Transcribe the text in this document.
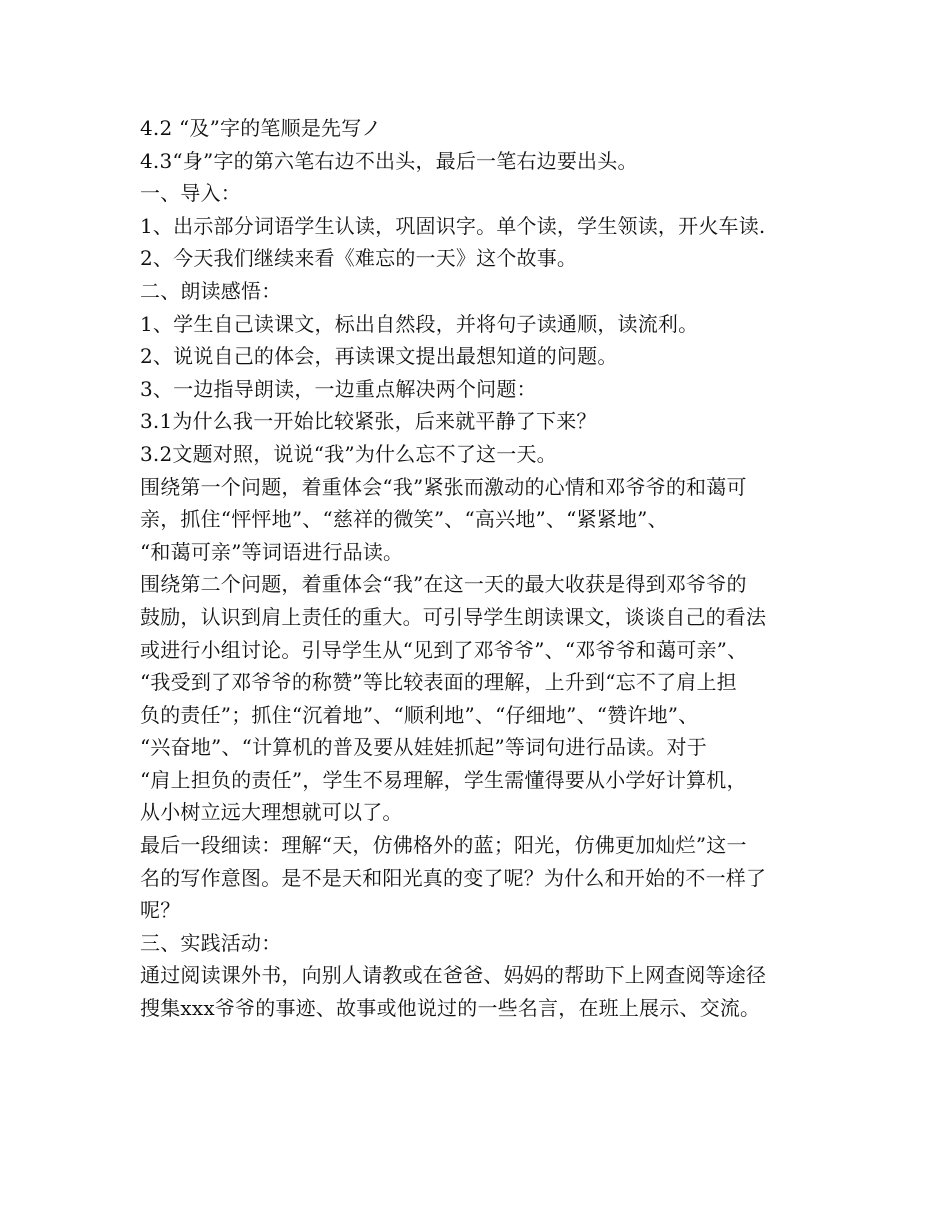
4.2 “及”字的笔顺是先写ノ
4.3“身”字的第六笔右边不出头，最后一笔右边要出头。
一、导入：
1、出示部分词语学生认读，巩固识字。单个读，学生领读，开火车读.
2、今天我们继续来看《难忘的一天》这个故事。
二、朗读感悟：
1、学生自己读课文，标出自然段，并将句子读通顺，读流利。
2、说说自己的体会，再读课文提出最想知道的问题。
3、一边指导朗读，一边重点解决两个问题：
3.1为什么我一开始比较紧张，后来就平静了下来？
3.2文题对照，说说“我”为什么忘不了这一天。
围绕第一个问题，着重体会“我”紧张而激动的心情和邓爷爷的和蔼可
亲，抓住“怦怦地”、“慈祥的微笑”、“高兴地”、“紧紧地”、
“和蔼可亲”等词语进行品读。
围绕第二个问题，着重体会“我”在这一天的最大收获是得到邓爷爷的
鼓励，认识到肩上责任的重大。可引导学生朗读课文，谈谈自己的看法
或进行小组讨论。引导学生从“见到了邓爷爷”、“邓爷爷和蔼可亲”、
“我受到了邓爷爷的称赞”等比较表面的理解，上升到“忘不了肩上担
负的责任”；抓住“沉着地”、“顺利地”、“仔细地”、“赞许地”、
“兴奋地”、“计算机的普及要从娃娃抓起”等词句进行品读。对于
“肩上担负的责任”，学生不易理解，学生需懂得要从小学好计算机，
从小树立远大理想就可以了。
最后一段细读：理解“天，仿佛格外的蓝；阳光，仿佛更加灿烂”这一
名的写作意图。是不是天和阳光真的变了呢？为什么和开始的不一样了
呢？
三、实践活动：
通过阅读课外书，向别人请教或在爸爸、妈妈的帮助下上网查阅等途径
搜集xxx爷爷的事迹、故事或他说过的一些名言，在班上展示、交流。
